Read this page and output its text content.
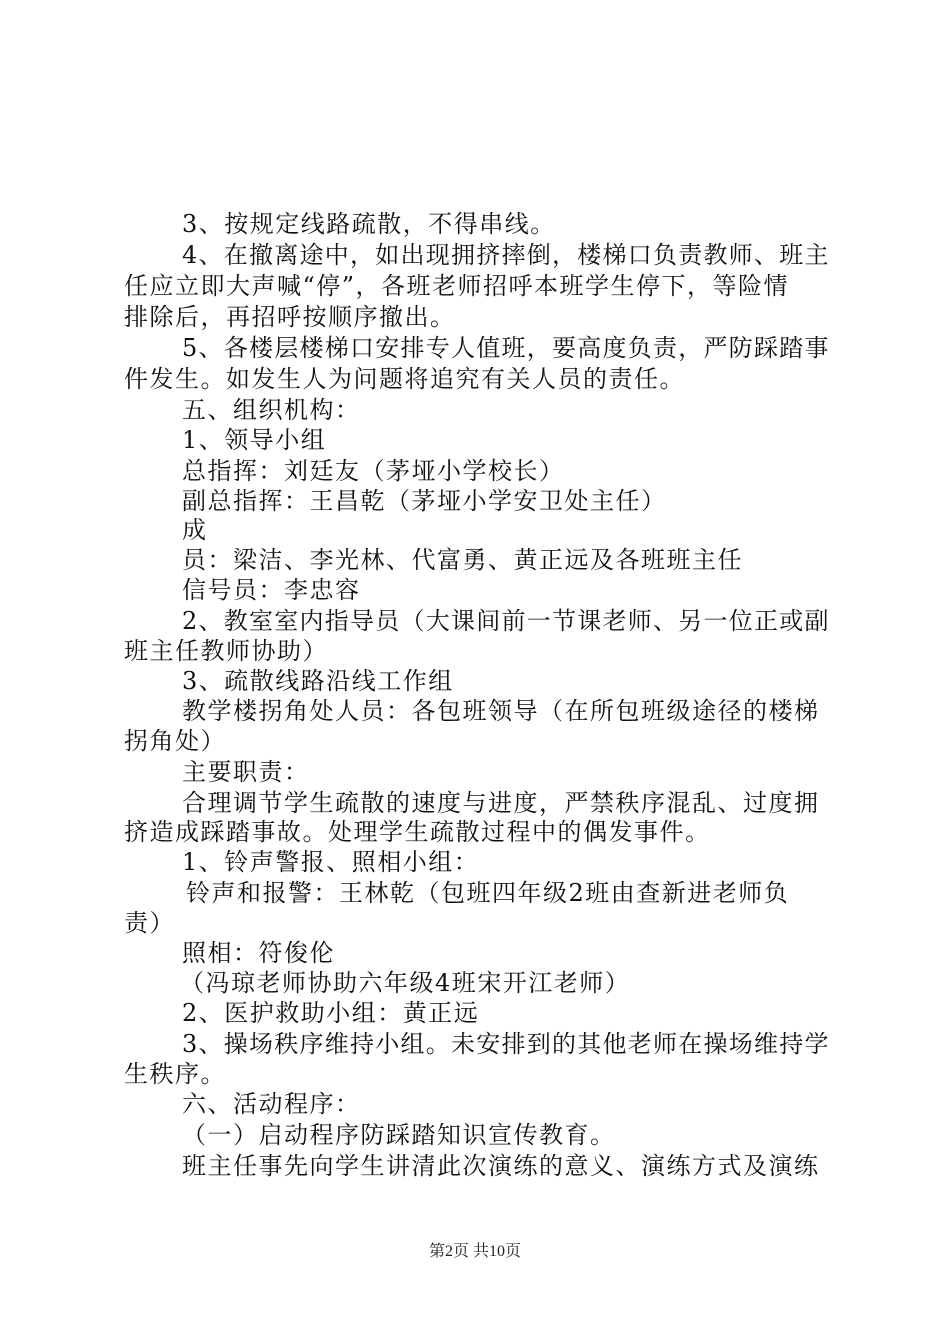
3、按规定线路疏散，不得串线。
4、在撤离途中，如出现拥挤摔倒，楼梯口负责教师、班主
任应立即大声喊“停”，各班老师招呼本班学生停下，等险情
排除后，再招呼按顺序撤出。
5、各楼层楼梯口安排专人值班，要高度负责，严防踩踏事
件发生。如发生人为问题将追究有关人员的责任。
五、组织机构：
1、领导小组
总指挥：刘廷友（茅垭小学校长）
副总指挥：王昌乾（茅垭小学安卫处主任）
成
员：梁洁、李光林、代富勇、黄正远及各班班主任
信号员：李忠容
2、教室室内指导员（大课间前一节课老师、另一位正或副
班主任教师协助）
3、疏散线路沿线工作组
教学楼拐角处人员：各包班领导（在所包班级途径的楼梯
拐角处）
主要职责：
合理调节学生疏散的速度与进度，严禁秩序混乱、过度拥
挤造成踩踏事故。处理学生疏散过程中的偶发事件。
1、铃声警报、照相小组：
铃声和报警：王林乾（包班四年级2班由查新进老师负
责）
照相：符俊伦
（冯琼老师协助六年级4班宋开江老师）
2、医护救助小组：黄正远
3、操场秩序维持小组。未安排到的其他老师在操场维持学
生秩序。
六、活动程序：
（一）启动程序防踩踏知识宣传教育。
班主任事先向学生讲清此次演练的意义、演练方式及演练
第2页 共10页
